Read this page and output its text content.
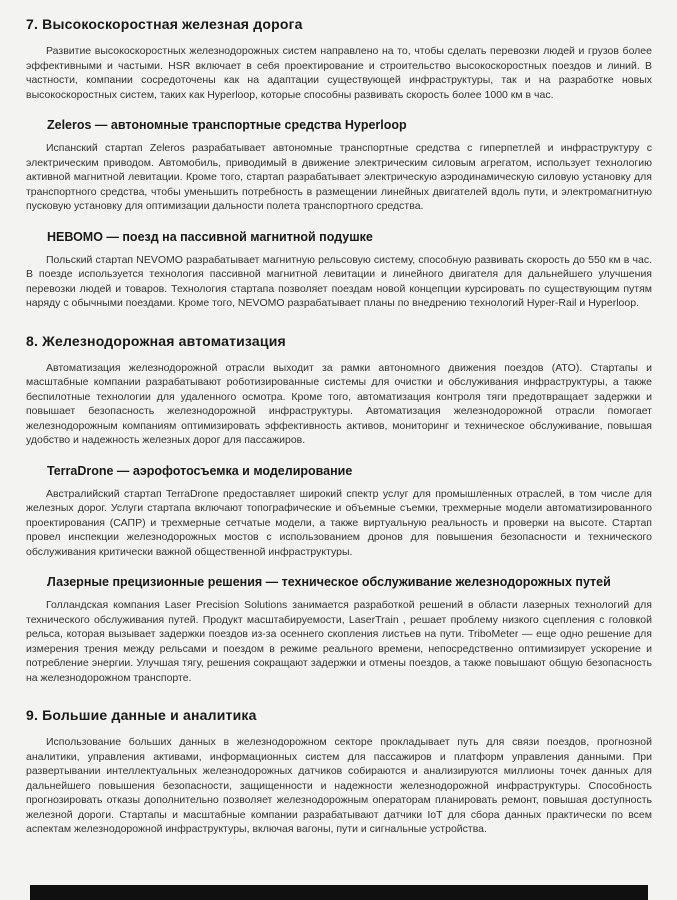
7. Высокоскоростная железная дорога

Развитие высокоскоростных железнодорожных систем направлено на то, чтобы сделать перевозки людей и грузов более эффективными и частыми. HSR включает в себя проектирование и строительство высокоскоростных поездов и линий. В частности, компании сосредоточены как на адаптации существующей инфраструктуры, так и на разработке новых высокоскоростных систем, таких как Hyperloop, которые способны развивать скорость более 1000 км в час.

Zeleros — автономные транспортные средства Hyperloop

Испанский стартап Zeleros разрабатывает автономные транспортные средства с гиперпетлей и инфраструктуру с электрическим приводом. Автомобиль, приводимый в движение электрическим силовым агрегатом, использует технологию активной магнитной левитации. Кроме того, стартап разрабатывает электрическую аэродинамическую силовую установку для транспортного средства, чтобы уменьшить потребность в размещении линейных двигателей вдоль пути, и электромагнитную пусковую установку для оптимизации дальности полета транспортного средства.

НЕВОМО — поезд на пассивной магнитной подушке

Польский стартап NEVOMO разрабатывает магнитную рельсовую систему, способную развивать скорость до 550 км в час. В поезде используется технология пассивной магнитной левитации и линейного двигателя для дальнейшего улучшения перевозки людей и товаров. Технология стартапа позволяет поездам новой концепции курсировать по существующим путям наряду с обычными поездами. Кроме того, NEVOMO разрабатывает планы по внедрению технологий Hyper-Rail и Hyperloop.

8. Железнодорожная автоматизация

Автоматизация железнодорожной отрасли выходит за рамки автономного движения поездов (ATO). Стартапы и масштабные компании разрабатывают роботизированные системы для очистки и обслуживания инфраструктуры, а также беспилотные технологии для удаленного осмотра. Кроме того, автоматизация контроля тяги предотвращает задержки и повышает безопасность железнодорожной инфраструктуры. Автоматизация железнодорожной отрасли помогает железнодорожным компаниям оптимизировать эффективность активов, мониторинг и техническое обслуживание, повышая удобство и надежность железных дорог для пассажиров.

TerraDrone — аэрофотосъемка и моделирование

Австралийский стартап TerraDrone предоставляет широкий спектр услуг для промышленных отраслей, в том числе для железных дорог. Услуги стартапа включают топографические и объемные съемки, трехмерные модели автоматизированного проектирования (САПР) и трехмерные сетчатые модели, а также виртуальную реальность и проверки на высоте. Стартап провел инспекции железнодорожных мостов с использованием дронов для повышения безопасности и технического обслуживания критически важной общественной инфраструктуры.

Лазерные прецизионные решения — техническое обслуживание железнодорожных путей

Голландская компания Laser Precision Solutions занимается разработкой решений в области лазерных технологий для технического обслуживания путей. Продукт масштабируемости, LaserTrain , решает проблему низкого сцепления с головкой рельса, которая вызывает задержки поездов из-за осеннего скопления листьев на пути. TriboMeter — еще одно решение для измерения трения между рельсами и поездом в режиме реального времени, непосредственно оптимизирует ускорение и потребление энергии. Улучшая тягу, решения сокращают задержки и отмены поездов, а также повышают общую безопасность на железнодорожном транспорте.

9. Большие данные и аналитика

Использование больших данных в железнодорожном секторе прокладывает путь для связи поездов, прогнозной аналитики, управления активами, информационных систем для пассажиров и платформ управления данными. При развертывании интеллектуальных железнодорожных датчиков собираются и анализируются миллионы точек данных для дальнейшего повышения безопасности, защищенности и надежности железнодорожной инфраструктуры. Способность прогнозировать отказы дополнительно позволяет железнодорожным операторам планировать ремонт, повышая доступность железной дороги. Стартапы и масштабные компании разрабатывают датчики IoT для сбора данных практически по всем аспектам железнодорожной инфраструктуры, включая вагоны, пути и сигнальные устройства.
